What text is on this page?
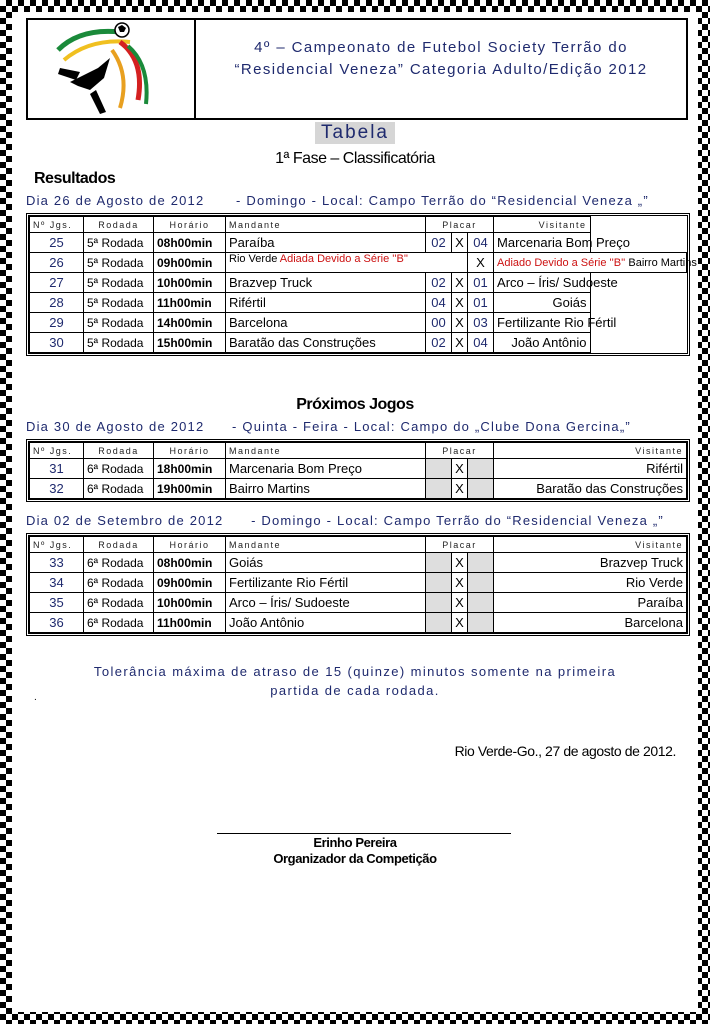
4º – Campeonato de Futebol Society Terrão do
“Residencial Veneza” Categoria Adulto/Edição 2012
Tabela
1ª Fase – Classificatória
Resultados
Dia 26 de Agosto de 2012 - Domingo - Local: Campo Terrão do “Residencial Veneza „”
Nº Jgs.	Rodada	Horário	Mandante	Placar			Visitante
25	5ª Rodada	08h00min	Paraíba	02	X	04	Marcenaria Bom Preço
26	5ª Rodada	09h00min	Rio Verde Adiada Devido a Série ''B''			X	Adiado Devido a Série ''B'' Bairro Martins
27	5ª Rodada	10h00min	Brazvep Truck	02	X	01	Arco – Íris/ Sudoeste
28	5ª Rodada	11h00min	Rifértil	04	X	01	Goiás
29	5ª Rodada	14h00min	Barcelona	00	X	03	Fertilizante Rio Fértil
30	5ª Rodada	15h00min	Baratão das Construções	02	X	04	João Antônio
Próximos Jogos
Dia 30 de Agosto de 2012 - Quinta - Feira - Local: Campo do „Clube Dona Gercina„”
Nº Jgs.	Rodada	Horário	Mandante	Placar			Visitante
31	6ª Rodada	18h00min	Marcenaria Bom Preço		X		Rifértil
32	6ª Rodada	19h00min	Bairro Martins		X		Baratão das Construções
Dia 02 de Setembro de 2012 - Domingo - Local: Campo Terrão do “Residencial Veneza „”
Nº Jgs.	Rodada	Horário	Mandante	Placar			Visitante
33	6ª Rodada	08h00min	Goiás		X		Brazvep Truck
34	6ª Rodada	09h00min	Fertilizante Rio Fértil		X		Rio Verde
35	6ª Rodada	10h00min	Arco – Íris/ Sudoeste		X		Paraíba
36	6ª Rodada	11h00min	João Antônio		X		Barcelona
Tolerância máxima de atraso de 15 (quinze) minutos somente na primeira
partida de cada rodada.
.
Rio Verde-Go., 27 de agosto de 2012.
Erinho Pereira
Organizador da Competição
